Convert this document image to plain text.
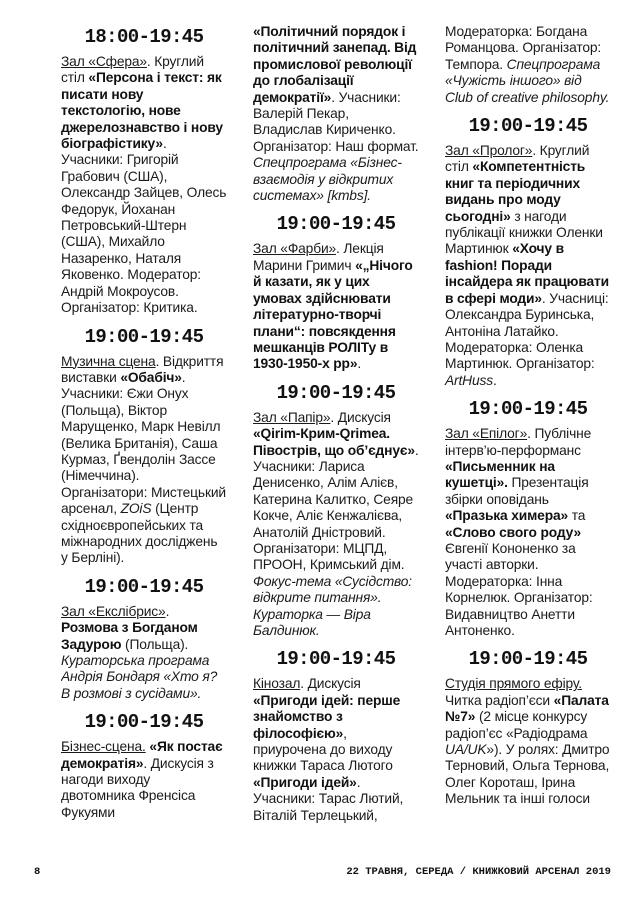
18:00-19:45

Зал «Сфера». Круглий стіл «Персона і текст: як писати нову текстологію, нове джерелознавство і нову біографістику». Учасники: Григорій Грабович (США), Олександр Зайцев, Олесь Федорук, Йоханан Петровський-Штерн (США), Михайло Назаренко, Наталя Яковенко. Модератор: Андрій Мокроусов. Організатор: Критика.

19:00-19:45

Музична сцена. Відкриття виставки «Обабіч». Учасники: Єжи Онух (Польща), Віктор Марущенко, Марк Невілл (Велика Британія), Саша Курмаз, Ґвендолін Зассе (Німеччина). Організатори: Мистецький арсенал, ZOiS (Центр східноєвропейських та міжнародних досліджень у Берліні).

19:00-19:45

Зал «Екслібрис». Розмова з Богданом Задурою (Польща). Кураторська програма Андрія Бондаря «Хто я? В розмові з сусідами».

19:00-19:45

Бізнес-сцена. «Як постає демократія». Дискусія з нагоди виходу двотомника Френсіса Фукуями

«Політичний порядок і політичний занепад. Від промислової революції до глобалізації демократії». Учасники: Валерій Пекар, Владислав Кириченко. Організатор: Наш формат. Спецпрограма «Бізнес-взаємодія у відкритих системах» [kmbs].

19:00-19:45

Зал «Фарби». Лекція Марини Гримич «„Нічого й казати, як у цих умовах здійснювати літературно-творчі плани“: повсякдення мешканців РОЛІТу в 1930-1950-х рр».

19:00-19:45

Зал «Папір». Дискусія «Qirim-Крим-Qrimea. Півострів, що об’єднує». Учасники: Лариса Денисенко, Алім Алієв, Катерина Калитко, Сеяре Кокче, Аліє Кенжалієва, Анатолій Дністровий. Організатори: МЦПД, ПРООН, Кримський дім. Фокус-тема «Сусідство: відкрите питання». Кураторка — Віра Балдинюк.

19:00-19:45

Кінозал. Дискусія «Пригоди ідей: перше знайомство з філософією», приурочена до виходу книжки Тараса Лютого «Пригоди ідей». Учасники: Тарас Лютий, Віталій Терлецький,

Модераторка: Богдана Романцова. Організатор: Темпора. Спецпрограма «Чужість іншого» від Club of creative philosophy.

19:00-19:45

Зал «Пролог». Круглий стіл «Компетентність книг та періодичних видань про моду сьогодні» з нагоди публікації книжки Оленки Мартинюк «Хочу в fashion! Поради інсайдера як працювати в сфері моди». Учасниці: Олександра Буринська, Антоніна Латайко. Модераторка: Оленка Мартинюк. Організатор: ArtHuss.

19:00-19:45

Зал «Епілог». Публічне інтерв’ю-перформанс «Письменник на кушетці». Презентація збірки оповідань «Празька химера» та «Слово свого роду» Євгенії Кононенко за участі авторки. Модераторка: Інна Корнелюк. Організатор: Видавництво Анетти Антоненко.

19:00-19:45

Студія прямого ефіру. Читка радіоп’єси «Палата №7» (2 місце конкурсу радіоп’єс «Радіодрама UA/UK»). У ролях: Дмитро Терновий, Ольга Тернова, Олег Короташ, Ірина Мельник та інші голоси

8	22 ТРАВНЯ, СЕРЕДА / КНИЖКОВИЙ АРСЕНАЛ 2019
